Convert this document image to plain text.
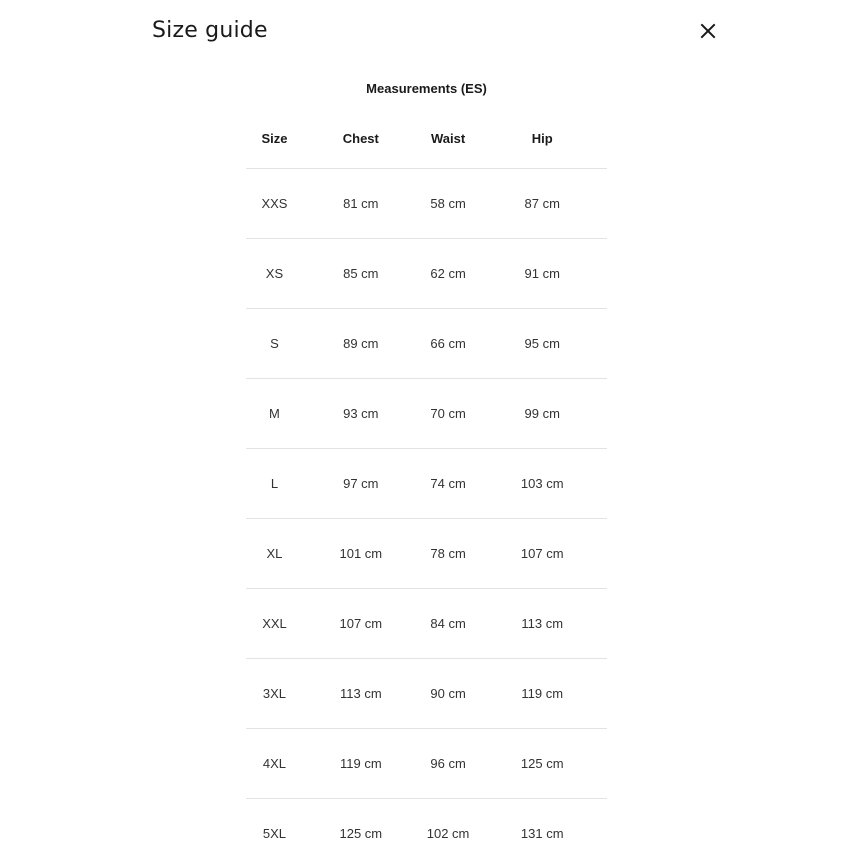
Size guide
Measurements (ES)
Size	Chest	Waist	Hip
XXS	81 cm	58 cm	87 cm
XS	85 cm	62 cm	91 cm
S	89 cm	66 cm	95 cm
M	93 cm	70 cm	99 cm
L	97 cm	74 cm	103 cm
XL	101 cm	78 cm	107 cm
XXL	107 cm	84 cm	113 cm
3XL	113 cm	90 cm	119 cm
4XL	119 cm	96 cm	125 cm
5XL	125 cm	102 cm	131 cm
